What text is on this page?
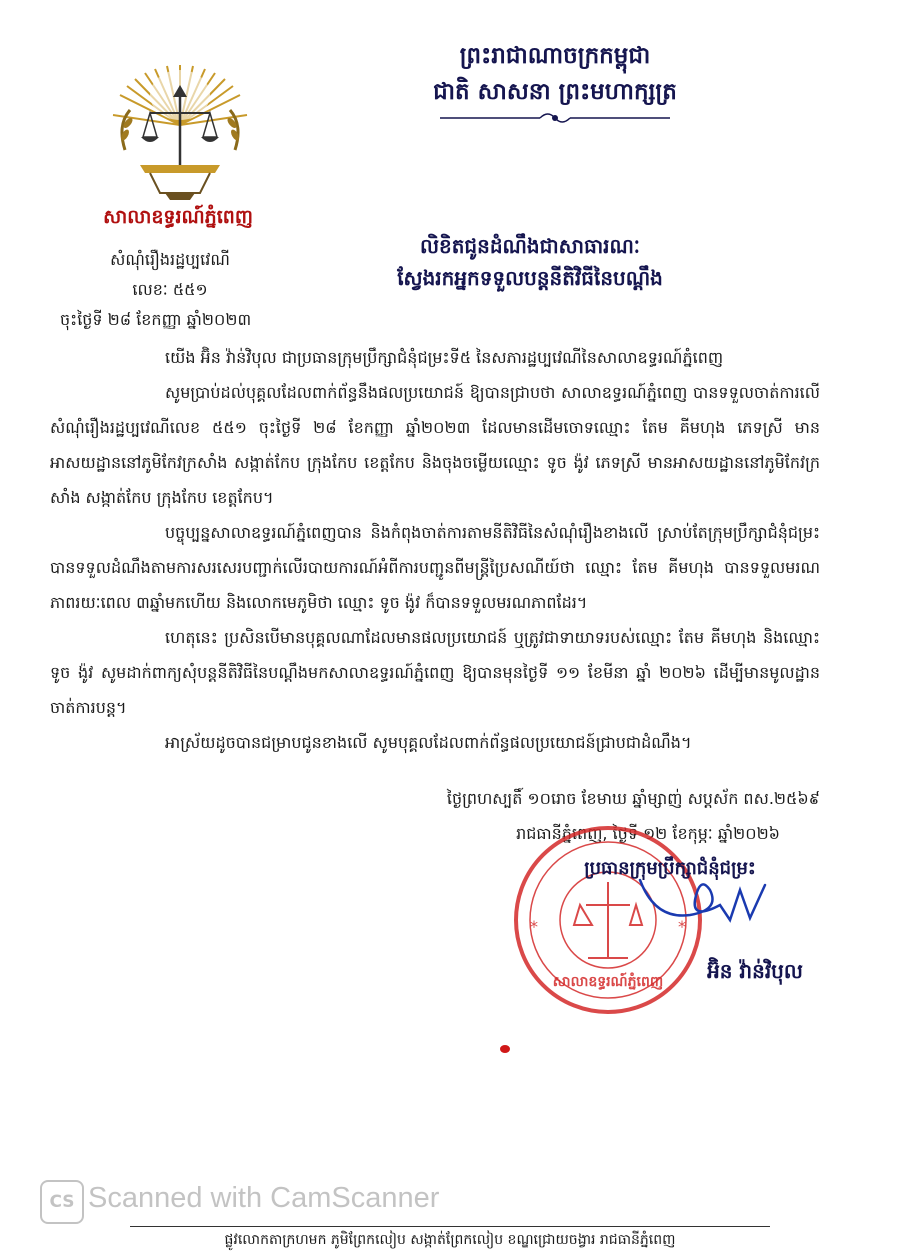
សាលាឧទ្ធរណ៍ភ្នំពេញ
សំណុំរឿងរដ្ឋប្បវេណី
លេខៈ ៥៥១
ចុះថ្ងៃទី ២៨ ខែកញ្ញា ឆ្នាំ២០២៣
ព្រះរាជាណាចក្រកម្ពុជា
ជាតិ សាសនា ព្រះមហាក្សត្រ
លិខិតជូនដំណឹងជាសាធារណៈ
ស្វែងរកអ្នកទទួលបន្តនីតិវិធីនៃបណ្តឹង

យើង អ៊ិន វ៉ាន់វិបុល ជាប្រធានក្រុមប្រឹក្សាជំនុំជម្រះទី៥ នៃសភារដ្ឋប្បវេណីនៃសាលាឧទ្ធរណ៍ភ្នំពេញ

សូមប្រាប់ដល់បុគ្គលដែលពាក់ព័ន្ធនឹងផលប្រយោជន៍ ឱ្យបានជ្រាបថា សាលាឧទ្ធរណ៍ភ្នំពេញ បានទទួលចាត់ការលើសំណុំរឿងរដ្ឋប្បវេណីលេខ ៥៥១ ចុះថ្ងៃទី ២៨ ខែកញ្ញា ឆ្នាំ២០២៣ ដែលមានដើមចោទឈ្មោះ តែម គីមហុង ភេទស្រី មានអាសយដ្ឋាននៅភូមិកែវក្រសាំង សង្កាត់កែប ក្រុងកែប ខេត្តកែប និងចុងចម្លើយឈ្មោះ ទូច ង៉ូវ ភេទស្រី មានអាសយដ្ឋាននៅភូមិកែវក្រសាំង សង្កាត់កែប ក្រុងកែប ខេត្តកែប។

បច្ចុប្បន្នសាលាឧទ្ធរណ៍ភ្នំពេញបាន និងកំពុងចាត់ការតាមនីតិវិធីនៃសំណុំរឿងខាងលើ ស្រាប់តែក្រុមប្រឹក្សាជំនុំជម្រះបានទទួលដំណឹងតាមការសរសេរបញ្ជាក់លើរបាយការណ៍អំពីការបញ្ជូនពីមន្ត្រីប្រៃសណីយ៍ថា ឈ្មោះ តែម គីមហុង បានទទួលមរណភាពរយៈពេល ៣ឆ្នាំមកហើយ និងលោកមេភូមិថា ឈ្មោះ ទូច ង៉ូវ ក៏បានទទួលមរណភាពដែរ។

ហេតុនេះ ប្រសិនបើមានបុគ្គលណាដែលមានផលប្រយោជន៍ ឬត្រូវជាទាយាទរបស់ឈ្មោះ តែម គីមហុង និងឈ្មោះ ទូច ង៉ូវ សូមដាក់ពាក្យសុំបន្តនីតិវិធីនៃបណ្តឹងមកសាលាឧទ្ធរណ៍ភ្នំពេញ ឱ្យបានមុនថ្ងៃទី ១១ ខែមីនា ឆ្នាំ ២០២៦ ដើម្បីមានមូលដ្ឋានចាត់ការបន្ត។

អាស្រ័យដូចបានជម្រាបជូនខាងលើ សូមបុគ្គលដែលពាក់ព័ន្ធផលប្រយោជន៍ជ្រាបជាដំណឹង។

ថ្ងៃព្រហស្បតិ៍ ១០រោច ខែមាឃ ឆ្នាំម្សាញ់ សប្តស័ក ពស.២៥៦៩
រាជធានីភ្នំពេញ, ថ្ងៃទី ១២ ខែកុម្ភៈ ឆ្នាំ២០២៦
*	*
សាលាឧទ្ធរណ៍ភ្នំពេញ
ប្រធានក្រុមប្រឹក្សាជំនុំជម្រះ
អ៊ិន វ៉ាន់វិបុល
CS Scanned with CamScanner
ផ្លូវលោកតាក្រហមក ភូមិព្រែកលៀប សង្កាត់ព្រែកលៀប ខណ្ឌជ្រោយចង្វារ រាជធានីភ្នំពេញ
